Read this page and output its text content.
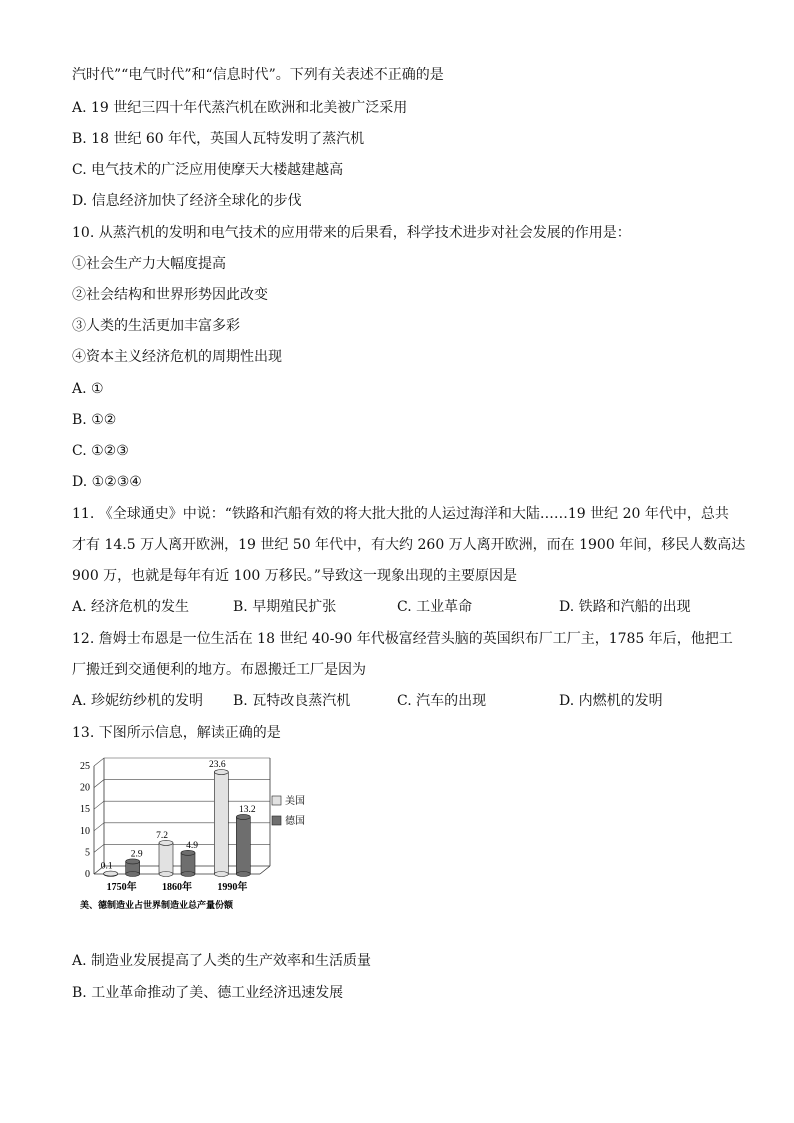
汽时代”“电气时代”和“信息时代”。下列有关表述不正确的是
A. 19 世纪三四十年代蒸汽机在欧洲和北美被广泛采用
B. 18 世纪 60 年代，英国人瓦特发明了蒸汽机
C. 电气技术的广泛应用使摩天大楼越建越高
D. 信息经济加快了经济全球化的步伐
10. 从蒸汽机的发明和电气技术的应用带来的后果看，科学技术进步对社会发展的作用是：
①社会生产力大幅度提高
②社会结构和世界形势因此改变
③人类的生活更加丰富多彩
④资本主义经济危机的周期性出现
A. ①
B. ①②
C. ①②③
D. ①②③④
11. 《全球通史》中说：“铁路和汽船有效的将大批大批的人运过海洋和大陆……19 世纪 20 年代中，总共
才有 14.5 万人离开欧洲，19 世纪 50 年代中，有大约 260 万人离开欧洲，而在 1900 年间，移民人数高达
900 万，也就是每年有近 100 万移民。”导致这一现象出现的主要原因是
A. 经济危机的发生	B. 早期殖民扩张	C. 工业革命	D. 铁路和汽船的出现
12. 詹姆士布恩是一位生活在 18 世纪 40-90 年代极富经营头脑的英国织布厂工厂主，1785 年后，他把工
厂搬迁到交通便利的地方。布恩搬迁工厂是因为
A. 珍妮纺纱机的发明 B. 瓦特改良蒸汽机	C. 汽车的出现	D. 内燃机的发明
13. 下图所示信息，解读正确的是
0
5
10
15
20
25
0.1
2.9
7.2
4.9
23.6
13.2
1750年	1860年	1990年
美国
德国
美、德制造业占世界制造业总产量份额
A. 制造业发展提高了人类的生产效率和生活质量
B. 工业革命推动了美、德工业经济迅速发展
